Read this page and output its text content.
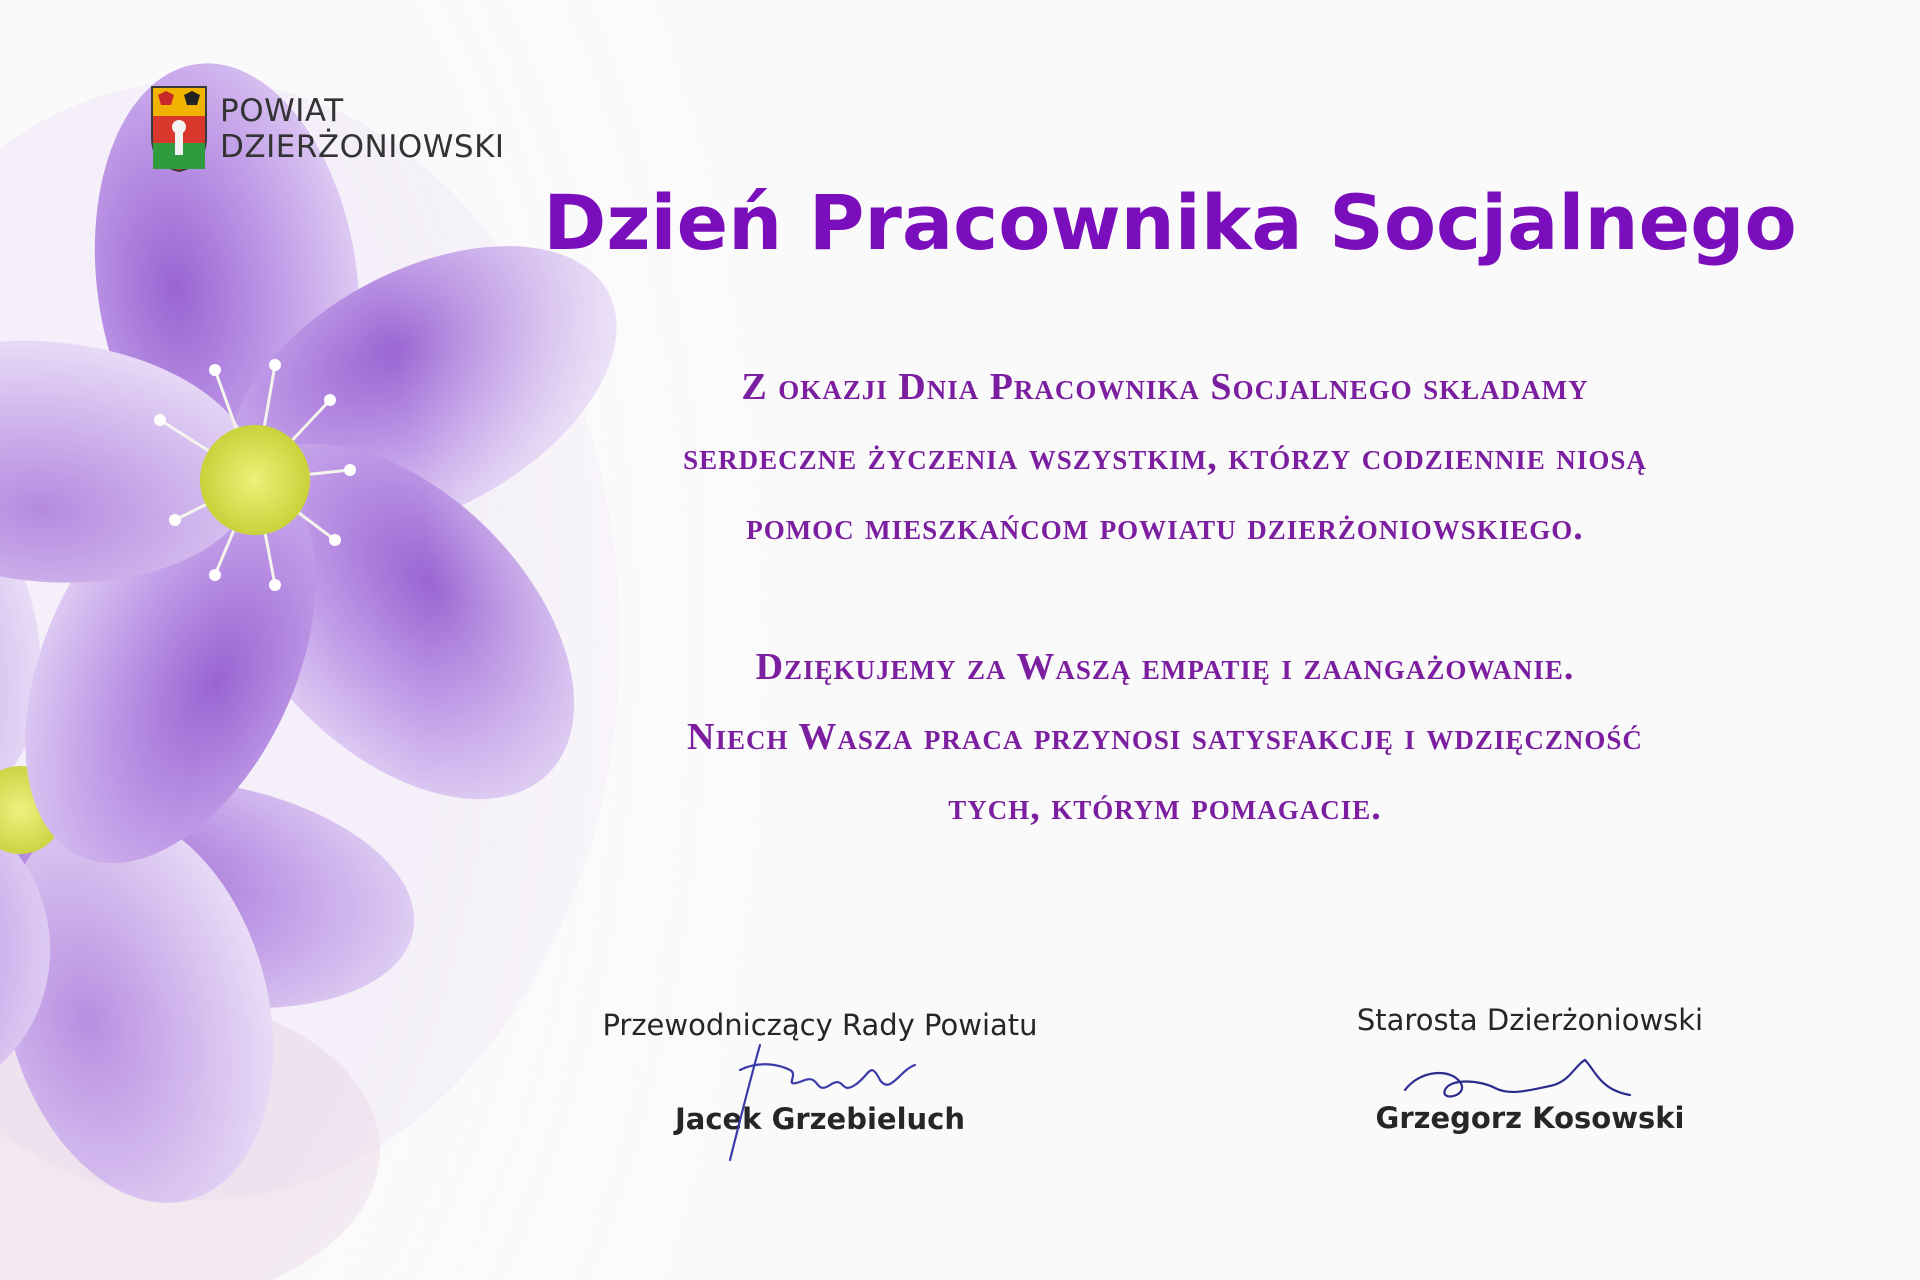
POWIAT
DZIERŻONIOWSKI
Dzień Pracownika Socjalnego
Z okazji Dnia Pracownika Socjalnego składamy
serdeczne życzenia wszystkim, którzy codziennie niosą
pomoc mieszkańcom powiatu dzierżoniowskiego.
Dziękujemy za Waszą empatię i zaangażowanie.
Niech Wasza praca przynosi satysfakcję i wdzięczność
tych, którym pomagacie.
Przewodniczący Rady Powiatu
Jacek Grzebieluch
Starosta Dzierżoniowski
Grzegorz Kosowski
